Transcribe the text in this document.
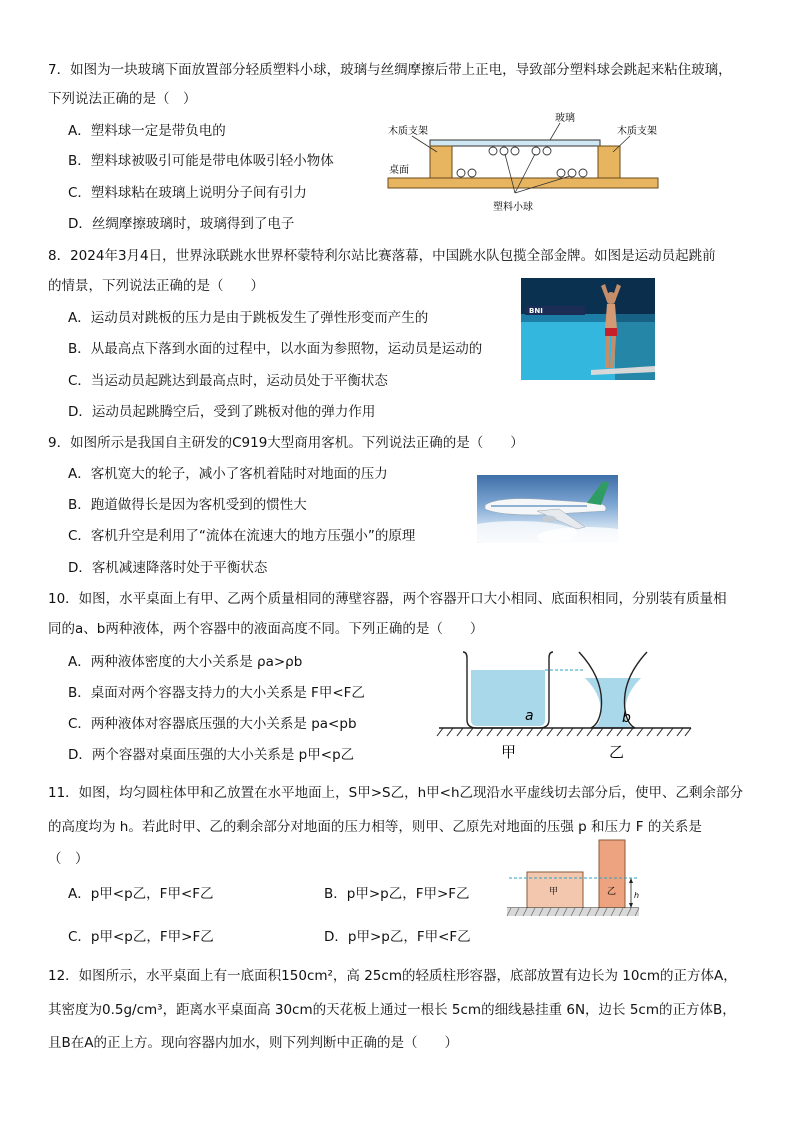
7．如图为一块玻璃下面放置部分轻质塑料小球，玻璃与丝绸摩擦后带上正电，导致部分塑料球会跳起来粘住玻璃，
下列说法正确的是（　）
A．塑料球一定是带负电的
B．塑料球被吸引可能是带电体吸引轻小物体
C．塑料球粘在玻璃上说明分子间有引力
D．丝绸摩擦玻璃时，玻璃得到了电子
木质支架	木质支架
玻璃
桌面
塑料小球
8．2024年3月4日，世界泳联跳水世界杯蒙特利尔站比赛落幕，中国跳水队包揽全部金牌。如图是运动员起跳前
的情景，下列说法正确的是（　　）
A．运动员对跳板的压力是由于跳板发生了弹性形变而产生的
B．从最高点下落到水面的过程中，以水面为参照物，运动员是运动的
C．当运动员起跳达到最高点时，运动员处于平衡状态
D．运动员起跳腾空后，受到了跳板对他的弹力作用
BNI
9．如图所示是我国自主研发的C919大型商用客机。下列说法正确的是（　　）
A．客机宽大的轮子，减小了客机着陆时对地面的压力
B．跑道做得长是因为客机受到的惯性大
C．客机升空是利用了“流体在流速大的地方压强小”的原理
D．客机减速降落时处于平衡状态
10．如图，水平桌面上有甲、乙两个质量相同的薄壁容器，两个容器开口大小相同、底面积相同，分别装有质量相
同的a、b两种液体，两个容器中的液面高度不同。下列正确的是（　　）
A．两种液体密度的大小关系是 ρa>ρb
B．桌面对两个容器支持力的大小关系是 F甲<F乙
C．两种液体对容器底压强的大小关系是 pa<pb
D．两个容器对桌面压强的大小关系是 p甲<p乙
a	b
甲	乙
11．如图，均匀圆柱体甲和乙放置在水平地面上，S甲>S乙，h甲<h乙现沿水平虚线切去部分后，使甲、乙剩余部分
的高度均为 h。若此时甲、乙的剩余部分对地面的压力相等，则甲、乙原先对地面的压强 p 和压力 F 的关系是
（　）
A．p甲<p乙，F甲<F乙	B．p甲>p乙，F甲>F乙
C．p甲<p乙，F甲>F乙	D．p甲>p乙，F甲<F乙
h
甲	乙
12．如图所示，水平桌面上有一底面积150cm²，高 25cm的轻质柱形容器，底部放置有边长为 10cm的正方体A，
其密度为0.5g/cm³，距离水平桌面高 30cm的天花板上通过一根长 5cm的细线悬挂重 6N，边长 5cm的正方体B，
且B在A的正上方。现向容器内加水，则下列判断中正确的是（　　）
